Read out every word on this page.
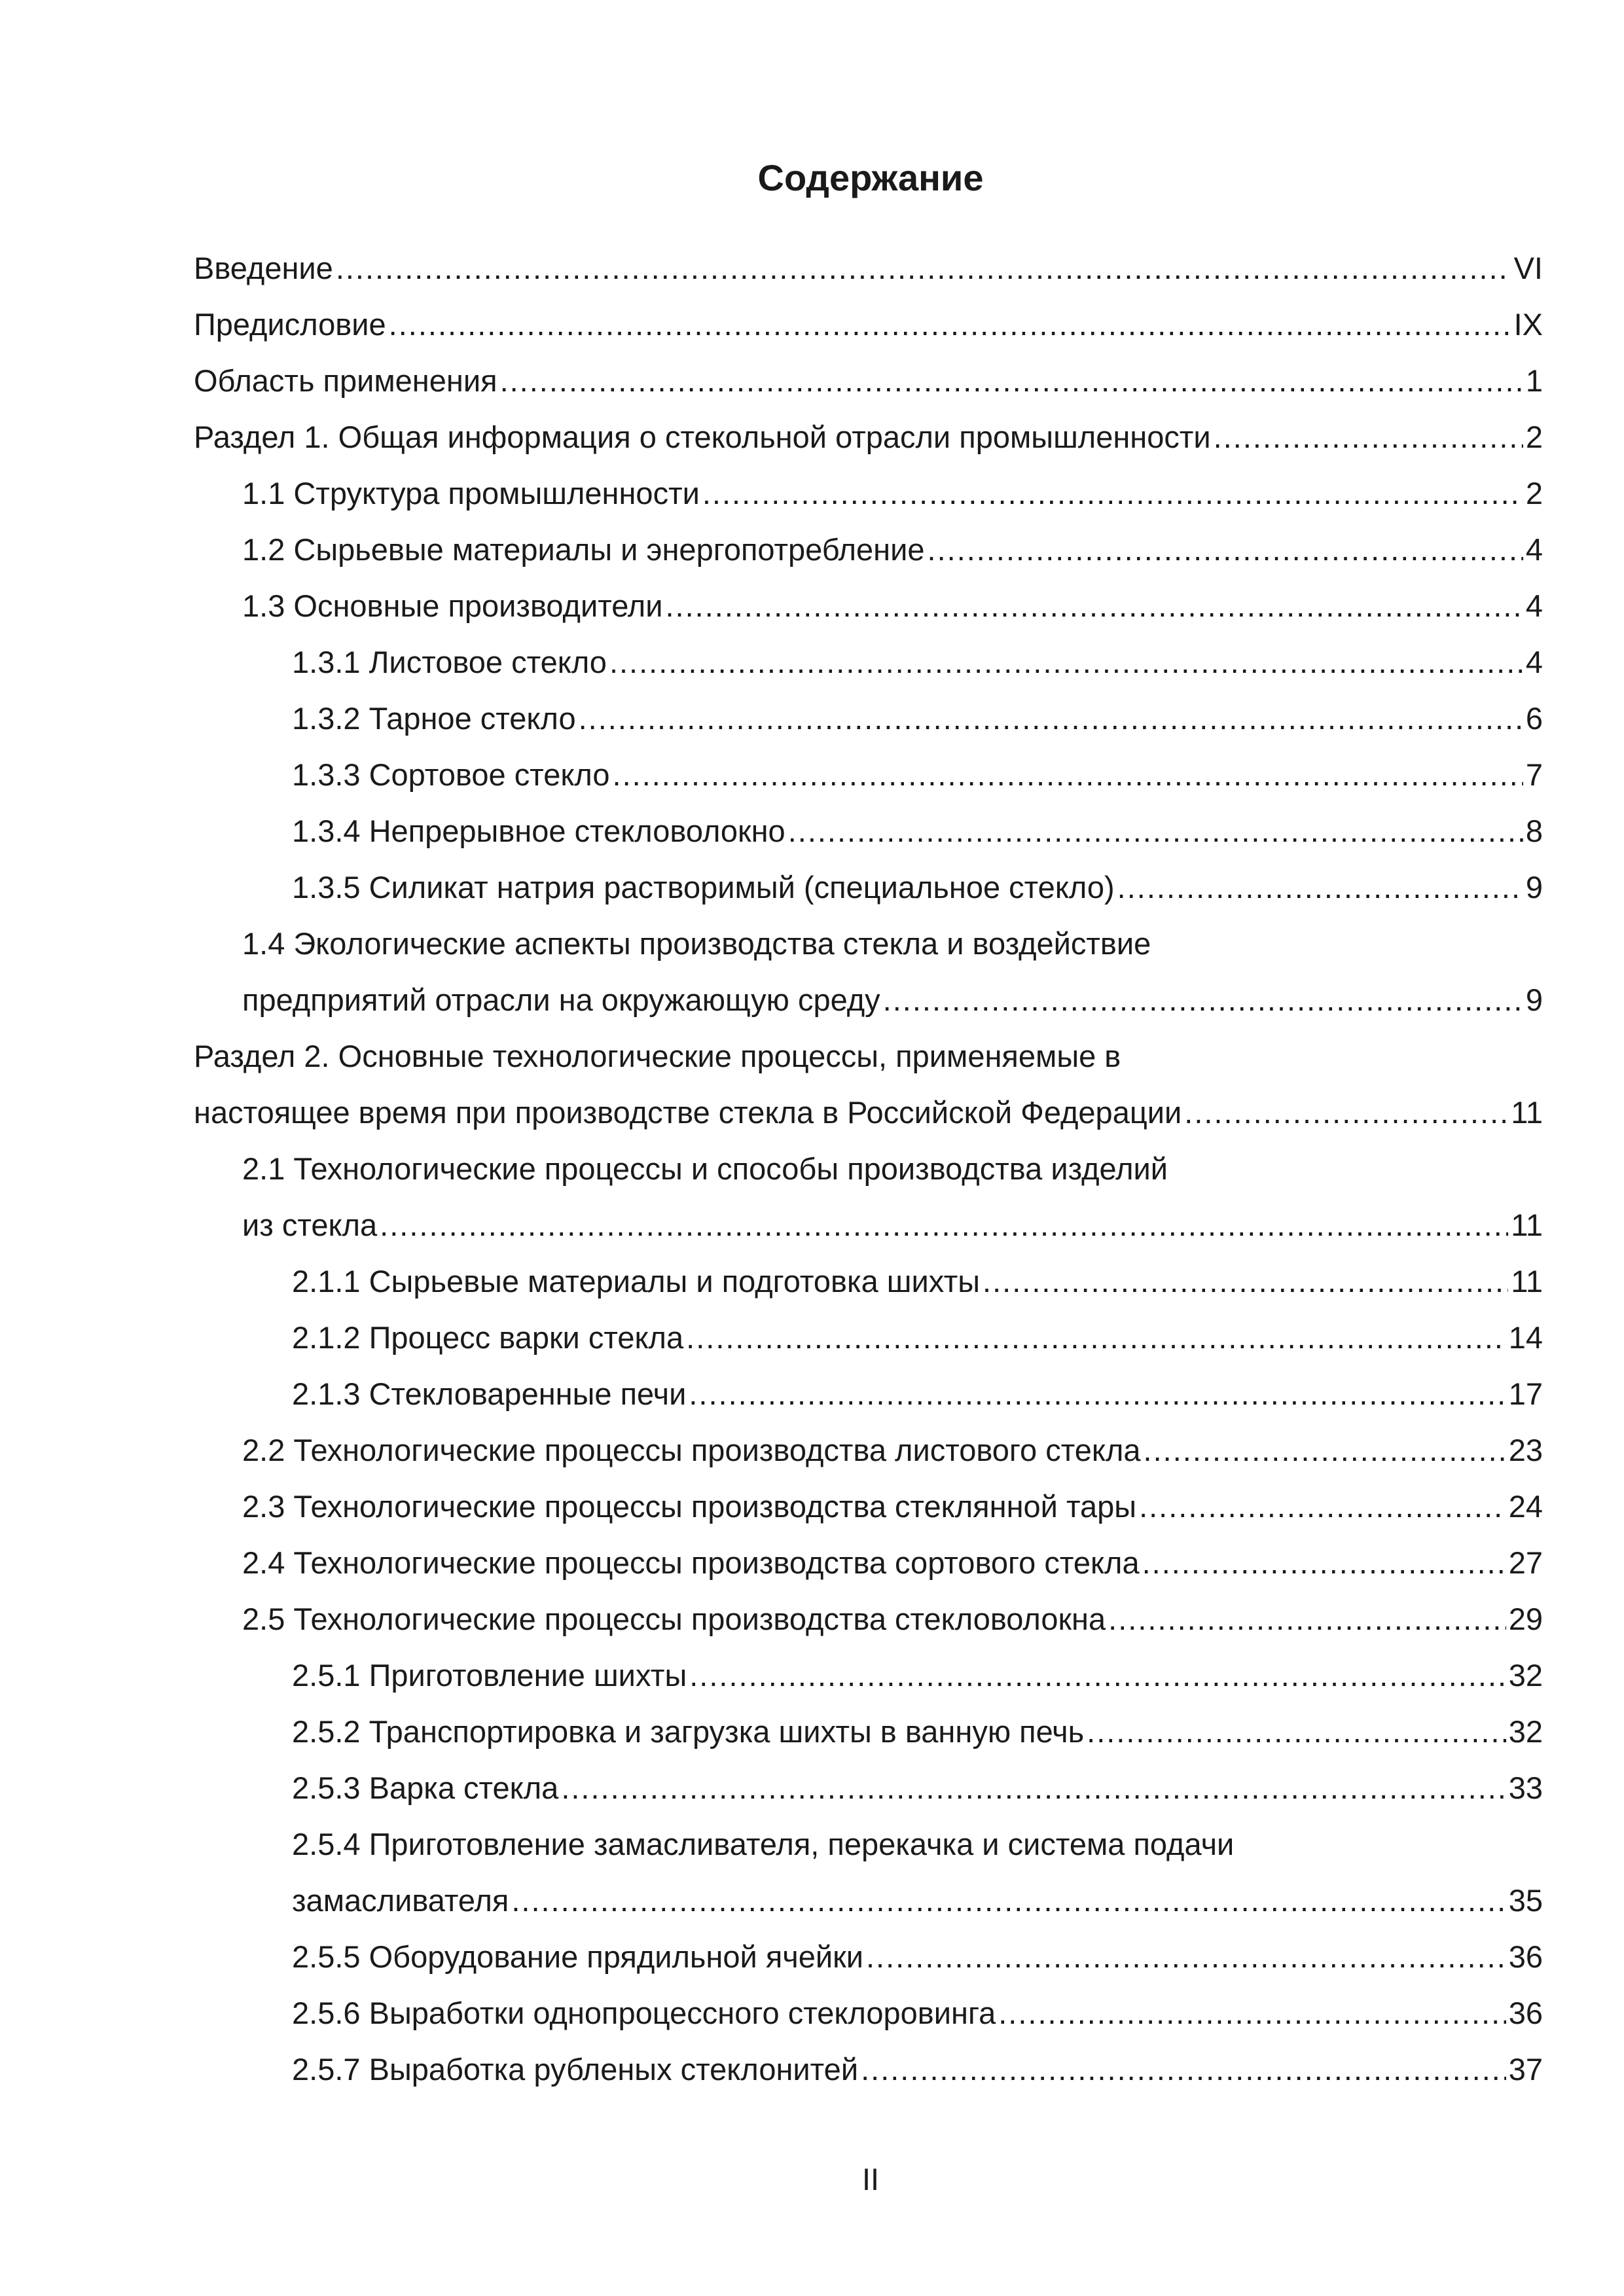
Содержание
Введение .....	VI
Предисловие .....	IX
Область применения .....	1
Раздел 1. Общая информация о стекольной отрасли промышленности .....	2
1.1 Структура промышленности .....	2
1.2 Сырьевые материалы и энергопотребление .....	4
1.3 Основные производители .....	4
1.3.1 Листовое стекло .....	4
1.3.2 Тарное стекло .....	6
1.3.3 Сортовое стекло .....	7
1.3.4 Непрерывное стекловолокно .....	8
1.3.5 Силикат натрия растворимый (специальное стекло) .....	9
1.4 Экологические аспекты производства стекла и воздействие
предприятий отрасли на окружающую среду .....	9
Раздел 2. Основные технологические процессы, применяемые в
настоящее время при производстве стекла в Российской Федерации .....	11
2.1 Технологические процессы и способы производства изделий
из стекла .....	11
2.1.1 Сырьевые материалы и подготовка шихты .....	11
2.1.2 Процесс варки стекла .....	14
2.1.3 Стекловаренные печи .....	17
2.2 Технологические процессы производства листового стекла .....	23
2.3 Технологические процессы производства стеклянной тары .....	24
2.4 Технологические процессы производства сортового стекла .....	27
2.5 Технологические процессы производства стекловолокна .....	29
2.5.1 Приготовление шихты .....	32
2.5.2 Транспортировка и загрузка шихты в ванную печь .....	32
2.5.3 Варка стекла .....	33
2.5.4 Приготовление замасливателя, перекачка и система подачи
замасливателя .....	35
2.5.5 Оборудование прядильной ячейки .....	36
2.5.6 Выработки однопроцессного стеклоровинга .....	36
2.5.7 Выработка рубленых стеклонитей .....	37
II
